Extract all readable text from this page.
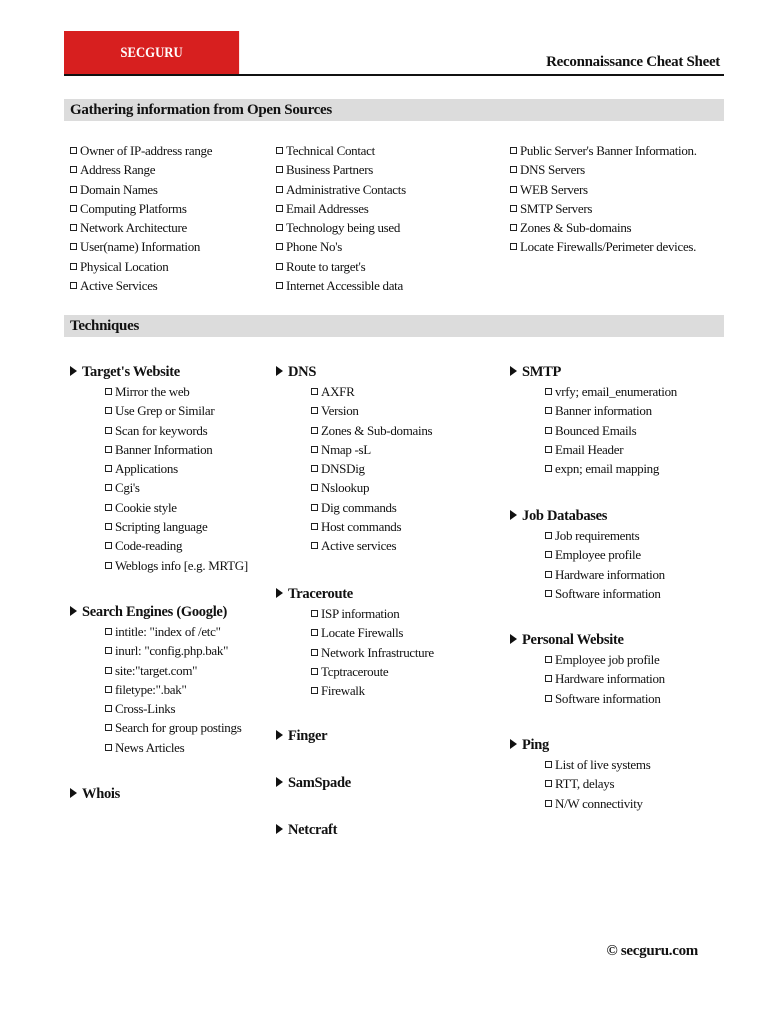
SECGURU
Reconnaissance Cheat Sheet
Gathering information from Open Sources
Owner of IP-address range
Address Range
Domain Names
Computing Platforms
Network Architecture
User(name) Information
Physical Location
Active Services
Technical Contact
Business Partners
Administrative Contacts
Email Addresses
Technology being used
Phone No's
Route to target's
Internet Accessible data
Public Server's Banner Information.
DNS Servers
WEB Servers
SMTP Servers
Zones & Sub-domains
Locate Firewalls/Perimeter devices.
Techniques
Target's Website
Mirror the web
Use Grep or Similar
Scan for keywords
Banner Information
Applications
Cgi's
Cookie style
Scripting language
Code-reading
Weblogs info [e.g. MRTG]
Search Engines (Google)
intitle: "index of /etc"
inurl: "config.php.bak"
site:"target.com"
filetype:".bak"
Cross-Links
Search for group postings
News Articles
Whois
DNS
AXFR
Version
Zones & Sub-domains
Nmap -sL
DNSDig
Nslookup
Dig commands
Host commands
Active services
Traceroute
ISP information
Locate Firewalls
Network Infrastructure
Tcptraceroute
Firewalk
Finger
SamSpade
Netcraft
SMTP
vrfy; email_enumeration
Banner information
Bounced Emails
Email Header
expn; email mapping
Job Databases
Job requirements
Employee profile
Hardware information
Software information
Personal Website
Employee job profile
Hardware information
Software information
Ping
List of live systems
RTT, delays
N/W connectivity
© secguru.com
